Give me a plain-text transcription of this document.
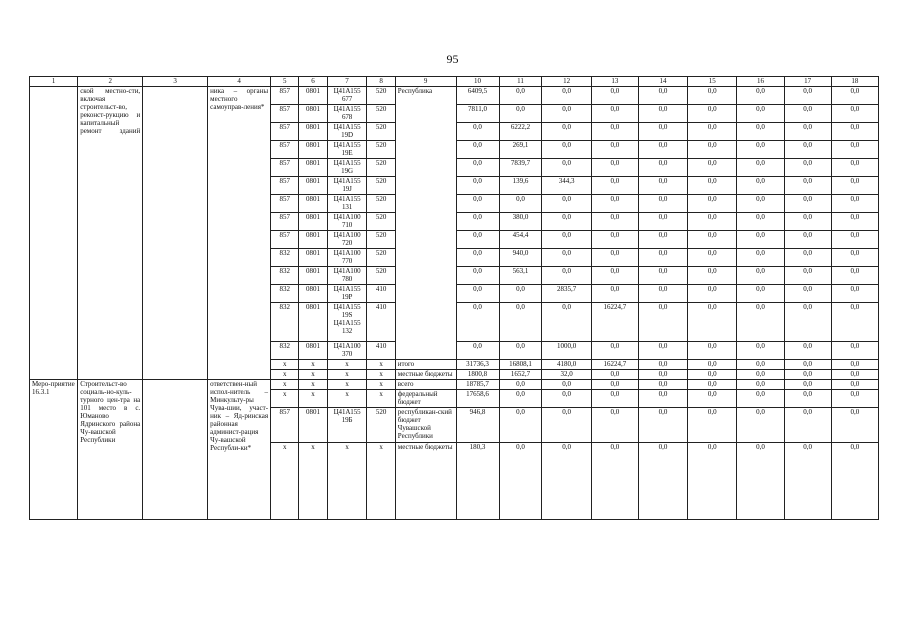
95
1	2	3	4	5	6	7	8	9	10	11	12	13	14	15	16	17	18
	ской местно-сти, включая строительст-во, реконст-рукцию и капитальный ремонт зданий		ника – органы местного самоуправ-ления*	857	0801	Ц41А155 677	520	Республика	6409,5	0,0	0,0	0,0	0,0	0,0	0,0	0,0	0,0
				857	0801	Ц41А155 678	520		7811,0	0,0	0,0	0,0	0,0	0,0	0,0	0,0	0,0
				857	0801	Ц41А155 19D	520		0,0	6222,2	0,0	0,0	0,0	0,0	0,0	0,0	0,0
				857	0801	Ц41А155 19E	520		0,0	269,1	0,0	0,0	0,0	0,0	0,0	0,0	0,0
				857	0801	Ц41А155 19G	520		0,0	7839,7	0,0	0,0	0,0	0,0	0,0	0,0	0,0
				857	0801	Ц41А155 19J	520		0,0	139,6	344,3	0,0	0,0	0,0	0,0	0,0	0,0
				857	0801	Ц41А155 131	520		0,0	0,0	0,0	0,0	0,0	0,0	0,0	0,0	0,0
				857	0801	Ц41А100 710	520		0,0	380,0	0,0	0,0	0,0	0,0	0,0	0,0	0,0
				857	0801	Ц41А100 720	520		0,0	454,4	0,0	0,0	0,0	0,0	0,0	0,0	0,0
				832	0801	Ц41А100 770	520		0,0	940,0	0,0	0,0	0,0	0,0	0,0	0,0	0,0
				832	0801	Ц41А100 780	520		0,0	563,1	0,0	0,0	0,0	0,0	0,0	0,0	0,0
				832	0801	Ц41А155 19P	410		0,0	0,0	2835,7	0,0	0,0	0,0	0,0	0,0	0,0
				832	0801	Ц41А155 19S Ц41А155 132	410		0,0	0,0	0,0	16224,7	0,0	0,0	0,0	0,0	0,0
				832	0801	Ц41А100 370	410		0,0	0,0	1000,0	0,0	0,0	0,0	0,0	0,0	0,0
				х	х	х	х	итого	31736,3	16808,1	4180,0	16224,7	0,0	0,0	0,0	0,0	0,0
				х	х	х	х	местные бюджеты	1800,8	1652,7	32,0	0,0	0,0	0,0	0,0	0,0	0,0
Меро-приятие 16.3.1	Строительст-во социаль-но-куль-турного цен-тра на 101 место в с. Юманово Ядринского района Чу-вашской Республики		ответствен-ный испол-нитель – Минкульту-ры Чува-шии, участ-ник – Яд-ринская районная админист-рация Чу-вашской Республи-ки*	х	х	х	х	всего	18785,7	0,0	0,0	0,0	0,0	0,0	0,0	0,0	0,0
				х	х	х	х	федеральный бюджет	17658,6	0,0	0,0	0,0	0,0	0,0	0,0	0,0	0,0
				857	0801	Ц41А155 19Б	520	республикан-ский бюджет Чувашской Республики	946,8	0,0	0,0	0,0	0,0	0,0	0,0	0,0	0,0
				х	х	х	х	местные бюджеты	180,3	0,0	0,0	0,0	0,0	0,0	0,0	0,0	0,0
